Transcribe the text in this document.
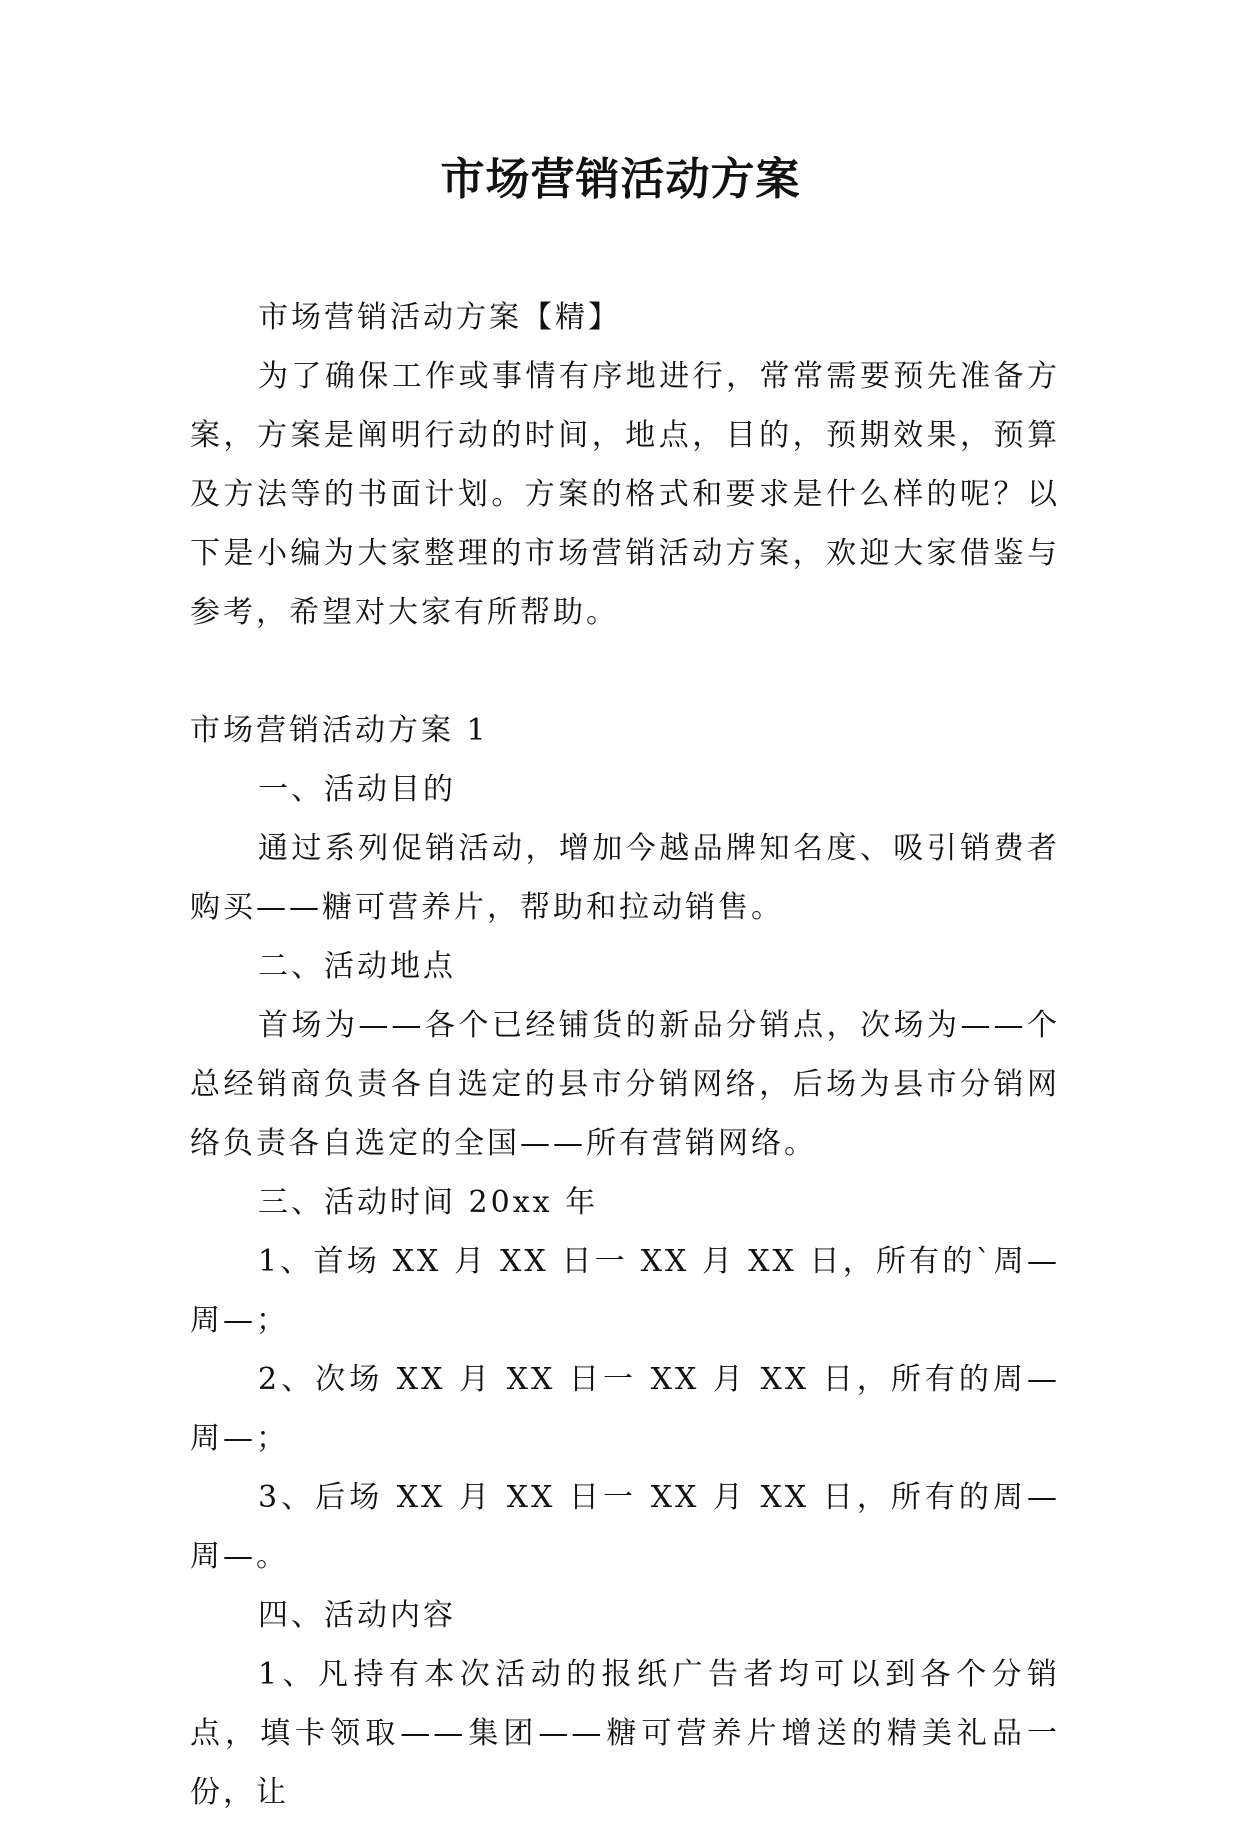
市场营销活动方案

市场营销活动方案【精】

为了确保工作或事情有序地进行，常常需要预先准备方案，方案是阐明行动的时间，地点，目的，预期效果，预算及方法等的书面计划。方案的格式和要求是什么样的呢？以下是小编为大家整理的市场营销活动方案，欢迎大家借鉴与参考，希望对大家有所帮助。

市场营销活动方案 1

一、活动目的

通过系列促销活动，增加今越品牌知名度、吸引销费者购买——糖可营养片，帮助和拉动销售。

二、活动地点

首场为——各个已经铺货的新品分销点，次场为——个总经销商负责各自选定的县市分销网络，后场为县市分销网络负责各自选定的全国——所有营销网络。

三、活动时间 20xx 年

1、首场 XX 月 XX 日一 XX 月 XX 日，所有的`周—周—；

2、次场 XX 月 XX 日一 XX 月 XX 日，所有的周—周—；

3、后场 XX 月 XX 日一 XX 月 XX 日，所有的周—周—。

四、活动内容

1、凡持有本次活动的报纸广告者均可以到各个分销点，填卡领取——集团——糖可营养片增送的精美礼品一份，让
